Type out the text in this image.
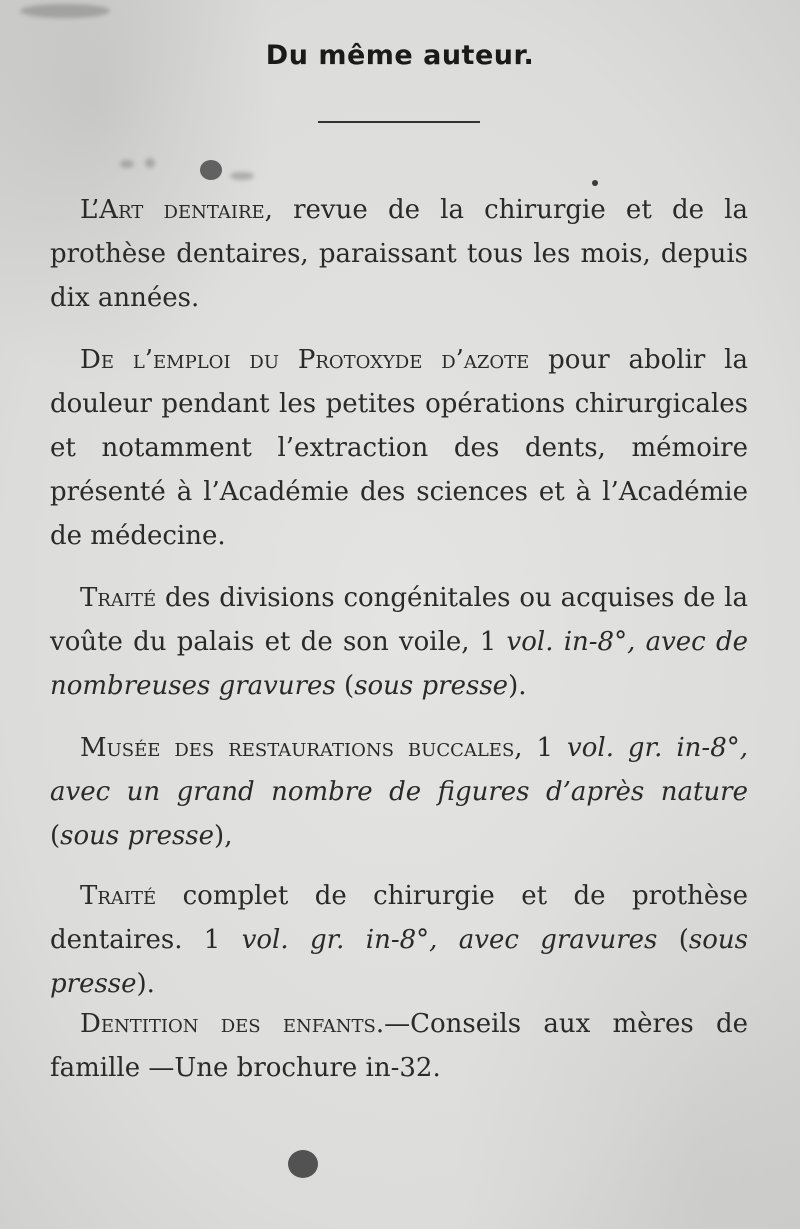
Du même auteur.

L’Art dentaire, revue de la chirurgie et de la prothèse dentaires, paraissant tous les mois, depuis dix années.

De l’emploi du Protoxyde d’azote pour abolir la douleur pendant les petites opérations chirurgicales et notamment l’extraction des dents, mémoire présenté à l’Académie des sciences et à l’Académie de médecine.

Traité des divisions congénitales ou acquises de la voûte du palais et de son voile, 1 vol. in-8°, avec de nombreuses gravures (sous presse).

Musée des restaurations buccales, 1 vol. gr. in-8°, avec un grand nombre de figures d’après nature (sous presse),

Traité complet de chirurgie et de prothèse dentaires. 1 vol. gr. in-8°, avec gravures (sous presse).

Dentition des enfants.—Conseils aux mères de famille —Une brochure in-32.
